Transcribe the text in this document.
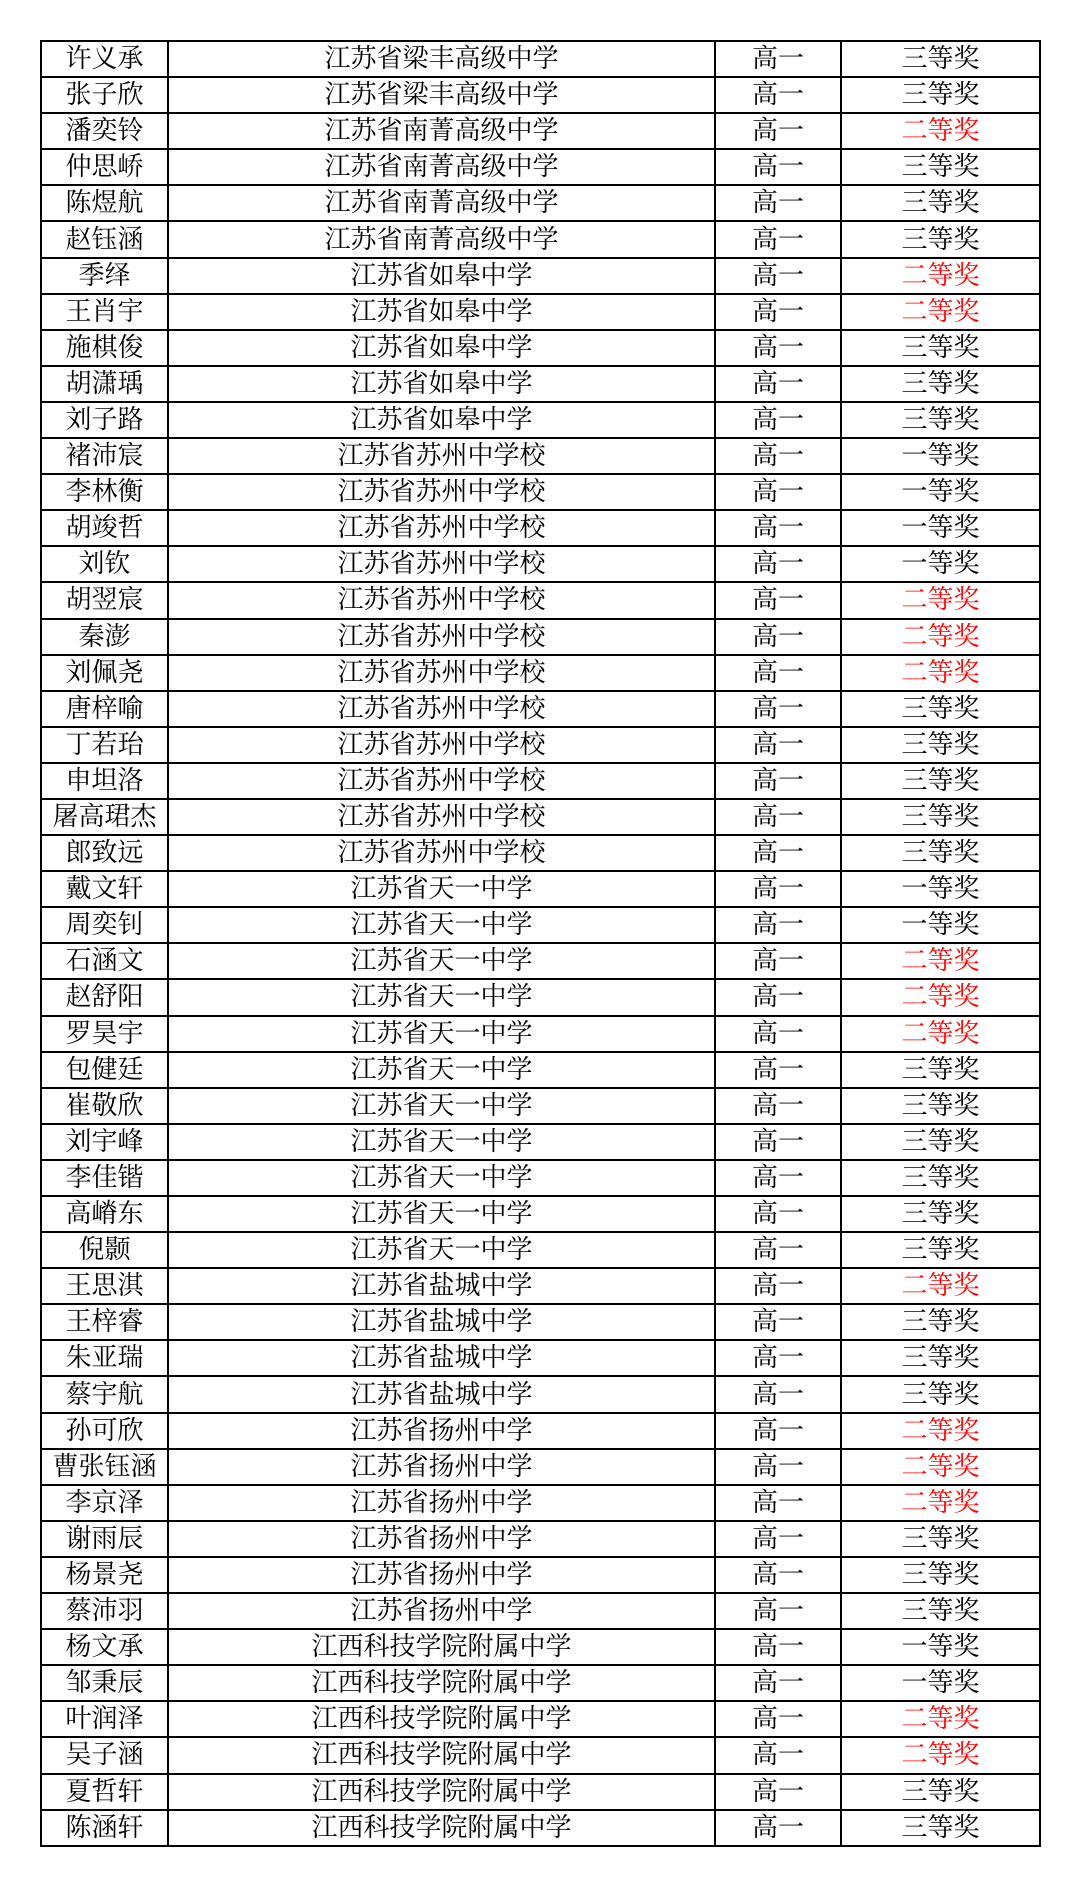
许义承	江苏省梁丰高级中学	高一	三等奖
张子欣	江苏省梁丰高级中学	高一	三等奖
潘奕铃	江苏省南菁高级中学	高一	二等奖
仲思峤	江苏省南菁高级中学	高一	三等奖
陈煜航	江苏省南菁高级中学	高一	三等奖
赵钰涵	江苏省南菁高级中学	高一	三等奖
季绎	江苏省如皋中学	高一	二等奖
王肖宇	江苏省如皋中学	高一	二等奖
施棋俊	江苏省如皋中学	高一	三等奖
胡潇瑀	江苏省如皋中学	高一	三等奖
刘子路	江苏省如皋中学	高一	三等奖
褚沛宸	江苏省苏州中学校	高一	一等奖
李林衡	江苏省苏州中学校	高一	一等奖
胡竣哲	江苏省苏州中学校	高一	一等奖
刘钦	江苏省苏州中学校	高一	一等奖
胡翌宸	江苏省苏州中学校	高一	二等奖
秦澎	江苏省苏州中学校	高一	二等奖
刘佩尧	江苏省苏州中学校	高一	二等奖
唐梓喻	江苏省苏州中学校	高一	三等奖
丁若珆	江苏省苏州中学校	高一	三等奖
申坦洛	江苏省苏州中学校	高一	三等奖
屠高珺杰	江苏省苏州中学校	高一	三等奖
郎致远	江苏省苏州中学校	高一	三等奖
戴文轩	江苏省天一中学	高一	一等奖
周奕钊	江苏省天一中学	高一	一等奖
石涵文	江苏省天一中学	高一	二等奖
赵舒阳	江苏省天一中学	高一	二等奖
罗昊宇	江苏省天一中学	高一	二等奖
包健廷	江苏省天一中学	高一	三等奖
崔敬欣	江苏省天一中学	高一	三等奖
刘宇峰	江苏省天一中学	高一	三等奖
李佳锴	江苏省天一中学	高一	三等奖
高嵴东	江苏省天一中学	高一	三等奖
倪颢	江苏省天一中学	高一	三等奖
王思淇	江苏省盐城中学	高一	二等奖
王梓睿	江苏省盐城中学	高一	三等奖
朱亚瑞	江苏省盐城中学	高一	三等奖
蔡宇航	江苏省盐城中学	高一	三等奖
孙可欣	江苏省扬州中学	高一	二等奖
曹张钰涵	江苏省扬州中学	高一	二等奖
李京泽	江苏省扬州中学	高一	二等奖
谢雨辰	江苏省扬州中学	高一	三等奖
杨景尧	江苏省扬州中学	高一	三等奖
蔡沛羽	江苏省扬州中学	高一	三等奖
杨文承	江西科技学院附属中学	高一	一等奖
邹秉辰	江西科技学院附属中学	高一	一等奖
叶润泽	江西科技学院附属中学	高一	二等奖
吴子涵	江西科技学院附属中学	高一	二等奖
夏哲轩	江西科技学院附属中学	高一	三等奖
陈涵轩	江西科技学院附属中学	高一	三等奖
